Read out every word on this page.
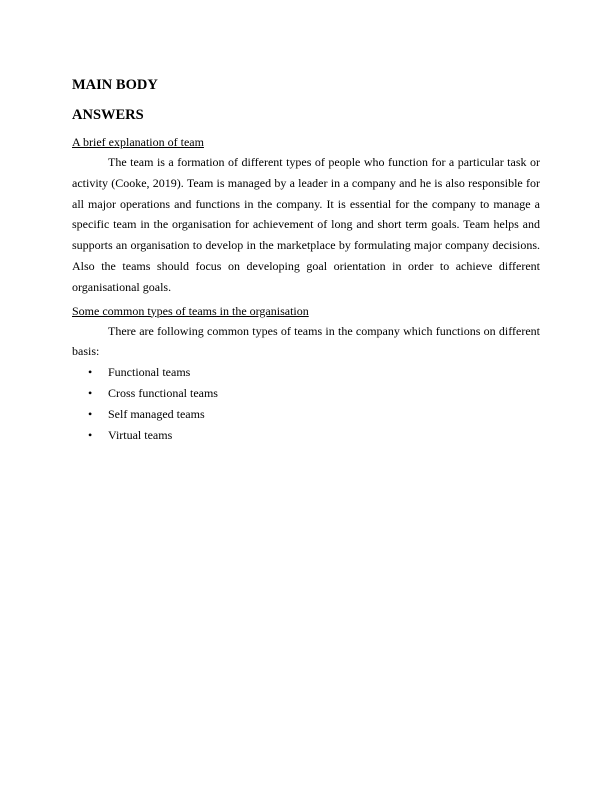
MAIN BODY
ANSWERS

A brief explanation of team

The team is a formation of different types of people who function for a particular task or activity (Cooke, 2019). Team is managed by a leader in a company and he is also responsible for all major operations and functions in the company. It is essential for the company to manage a specific team in the organisation for achievement of long and short term goals. Team helps and supports an organisation to develop in the marketplace by formulating major company decisions. Also the teams should focus on developing goal orientation in order to achieve different organisational goals.

Some common types of teams in the organisation

There are following common types of teams in the company which functions on different basis:

• Functional teams
• Cross functional teams
• Self managed teams
• Virtual teams
